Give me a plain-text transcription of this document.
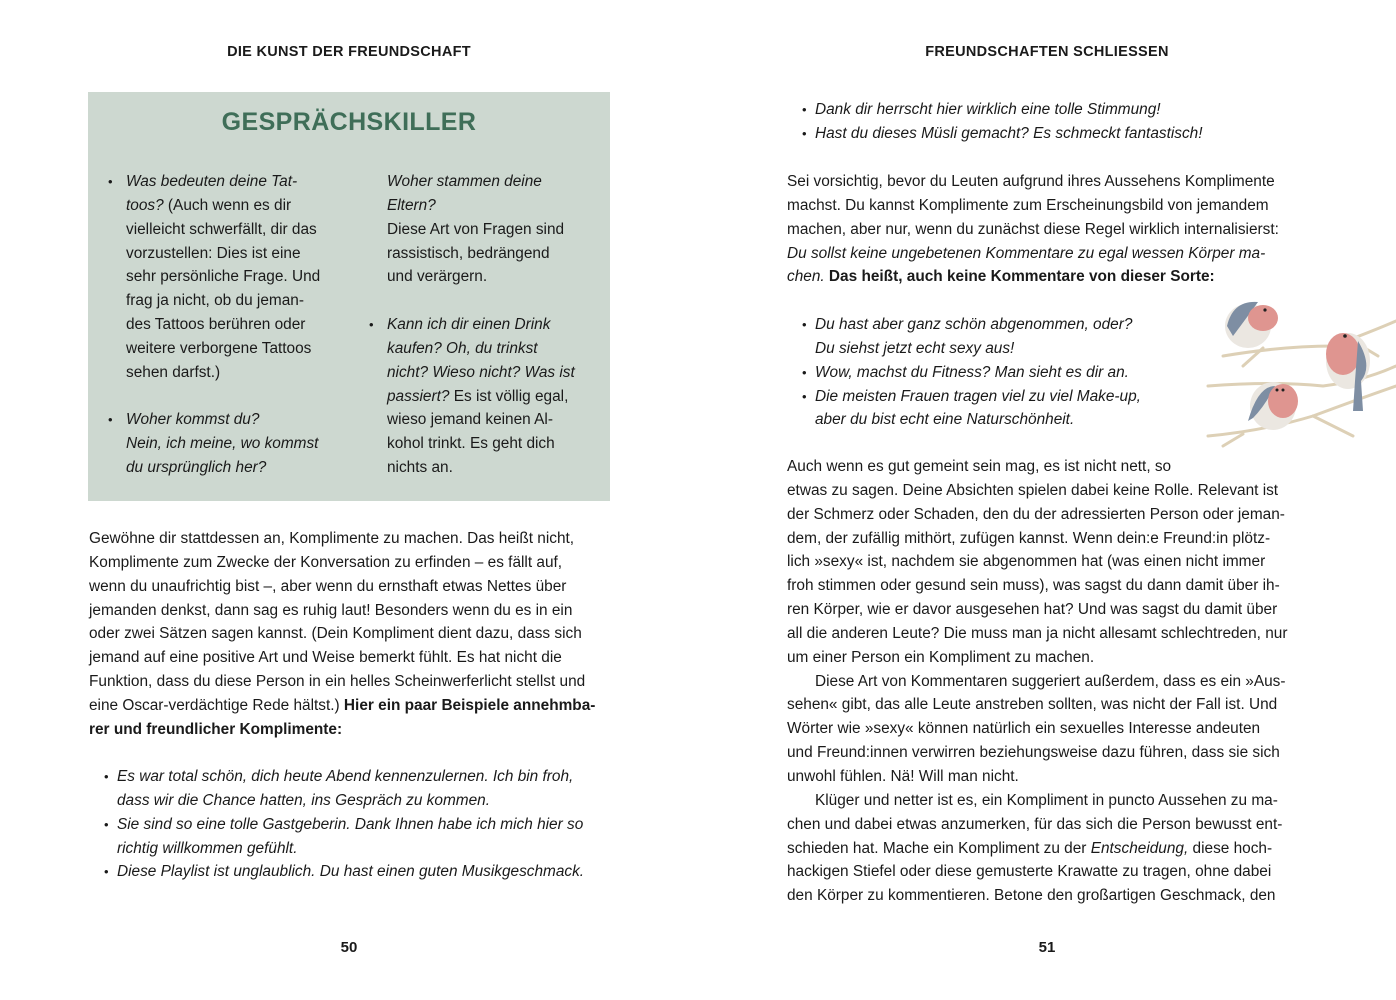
DIE KUNST DER FREUNDSCHAFT
50
GESPRÄCHSKILLER
• Was bedeuten deine Tat-
toos? (Auch wenn es dir
vielleicht schwerfällt, dir das
vorzustellen: Dies ist eine
sehr persönliche Frage. Und
frag ja nicht, ob du jeman-
des Tattoos berühren oder
weitere verborgene Tattoos
sehen darfst.)
• Woher kommst du?
Nein, ich meine, wo kommst
du ursprünglich her?
Woher stammen deine
Eltern?
Diese Art von Fragen sind
rassistisch, bedrängend
und verärgern.
• Kann ich dir einen Drink
kaufen? Oh, du trinkst
nicht? Wieso nicht? Was ist
passiert? Es ist völlig egal,
wieso jemand keinen Al-
kohol trinkt. Es geht dich
nichts an.
Gewöhne dir stattdessen an, Komplimente zu machen. Das heißt nicht,
Komplimente zum Zwecke der Konversation zu erfinden – es fällt auf,
wenn du unaufrichtig bist –, aber wenn du ernsthaft etwas Nettes über
jemanden denkst, dann sag es ruhig laut! Besonders wenn du es in ein
oder zwei Sätzen sagen kannst. (Dein Kompliment dient dazu, dass sich
jemand auf eine positive Art und Weise bemerkt fühlt. Es hat nicht die
Funktion, dass du diese Person in ein helles Scheinwerferlicht stellst und
eine Oscar-verdächtige Rede hältst.) Hier ein paar Beispiele annehmba-
rer und freundlicher Komplimente:
• Es war total schön, dich heute Abend kennenzulernen. Ich bin froh,
dass wir die Chance hatten, ins Gespräch zu kommen.
• Sie sind so eine tolle Gastgeberin. Dank Ihnen habe ich mich hier so
richtig willkommen gefühlt.
• Diese Playlist ist unglaublich. Du hast einen guten Musikgeschmack.
FREUNDSCHAFTEN SCHLIESSEN
51
• Dank dir herrscht hier wirklich eine tolle Stimmung!
• Hast du dieses Müsli gemacht? Es schmeckt fantastisch!
Sei vorsichtig, bevor du Leuten aufgrund ihres Aussehens Komplimente
machst. Du kannst Komplimente zum Erscheinungsbild von jemandem
machen, aber nur, wenn du zunächst diese Regel wirklich internalisierst:
Du sollst keine ungebetenen Kommentare zu egal wessen Körper ma-
chen. Das heißt, auch keine Kommentare von dieser Sorte:
• Du hast aber ganz schön abgenommen, oder?
Du siehst jetzt echt sexy aus!
• Wow, machst du Fitness? Man sieht es dir an.
• Die meisten Frauen tragen viel zu viel Make-up,
aber du bist echt eine Naturschönheit.
Auch wenn es gut gemeint sein mag, es ist nicht nett, so
etwas zu sagen. Deine Absichten spielen dabei keine Rolle. Relevant ist
der Schmerz oder Schaden, den du der adressierten Person oder jeman-
dem, der zufällig mithört, zufügen kannst. Wenn dein:e Freund:in plötz-
lich »sexy« ist, nachdem sie abgenommen hat (was einen nicht immer
froh stimmen oder gesund sein muss), was sagst du dann damit über ih-
ren Körper, wie er davor ausgesehen hat? Und was sagst du damit über
all die anderen Leute? Die muss man ja nicht allesamt schlechtreden, nur
um einer Person ein Kompliment zu machen.
Diese Art von Kommentaren suggeriert außerdem, dass es ein »Aus-
sehen« gibt, das alle Leute anstreben sollten, was nicht der Fall ist. Und
Wörter wie »sexy« können natürlich ein sexuelles Interesse andeuten
und Freund:innen verwirren beziehungsweise dazu führen, dass sie sich
unwohl fühlen. Nä! Will man nicht.
Klüger und netter ist es, ein Kompliment in puncto Aussehen zu ma-
chen und dabei etwas anzumerken, für das sich die Person bewusst ent-
schieden hat. Mache ein Kompliment zu der Entscheidung, diese hoch-
hackigen Stiefel oder diese gemusterte Krawatte zu tragen, ohne dabei
den Körper zu kommentieren. Betone den großartigen Geschmack, den
